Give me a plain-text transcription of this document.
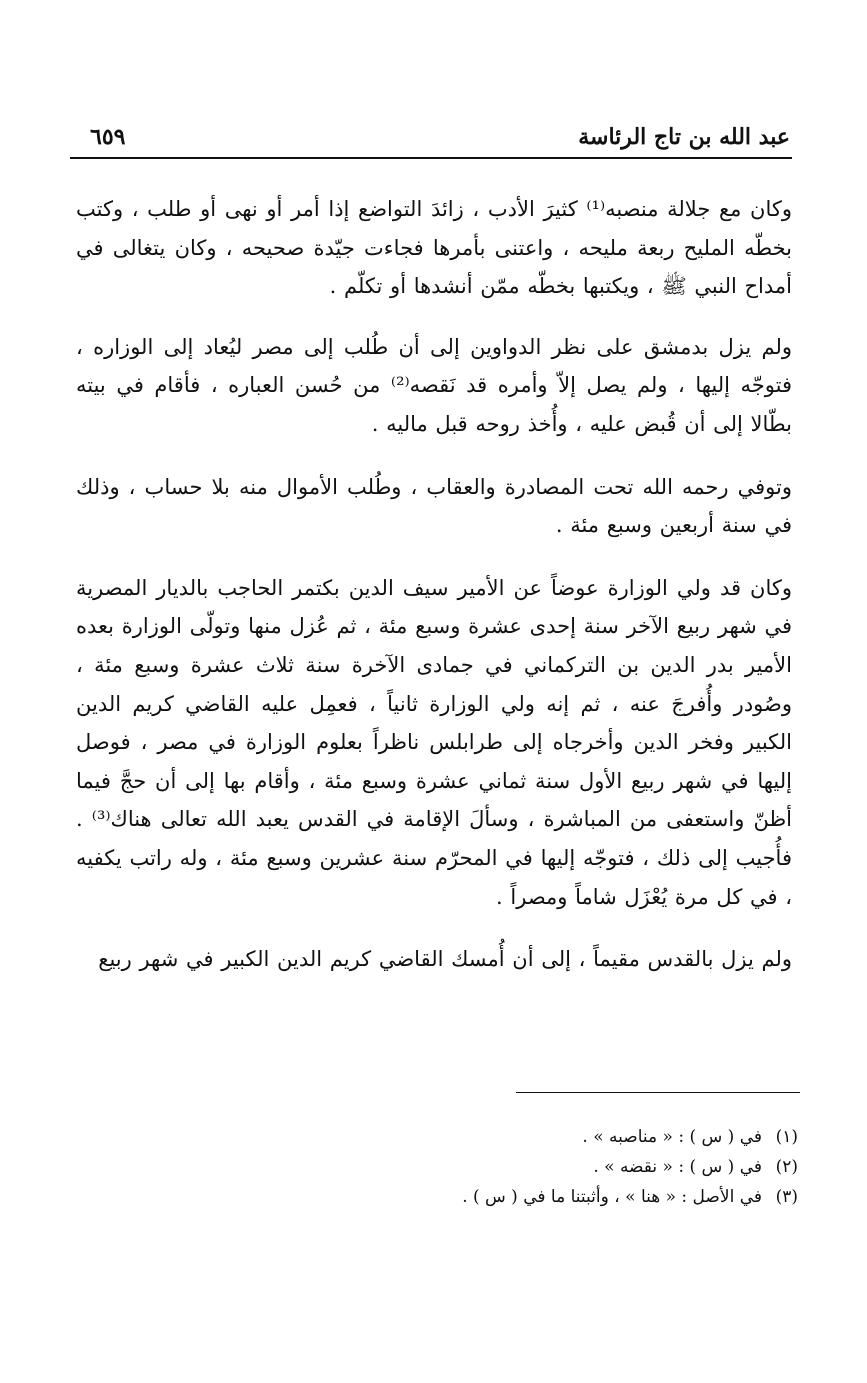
عبد الله بن تاج الرئاسة
٦٥٩

وكان مع جلالة منصبه⁽¹⁾ كثيرَ الأدب ، زائدَ التواضع إذا أمر أو نهى أو طلب ، وكتب بخطّه المليح ربعة مليحه ، واعتنى بأمرها فجاءت جيّدة صحيحه ، وكان يتغالى في أمداح النبي ﷺ ، ويكتبها بخطّه ممّن أنشدها أو تكلّم .

ولم يزل بدمشق على نظر الدواوين إلى أن طُلب إلى مصر ليُعاد إلى الوزاره ، فتوجّه إليها ، ولم يصل إلاّ وأمره قد نَقصه⁽²⁾ من حُسن العباره ، فأقام في بيته بطّالا إلى أن قُبض عليه ، وأُخذ روحه قبل ماليه .

وتوفي رحمه الله تحت المصادرة والعقاب ، وطُلب الأموال منه بلا حساب ، وذلك في سنة أربعين وسبع مئة .

وكان قد ولي الوزارة عوضاً عن الأمير سيف الدين بكتمر الحاجب بالديار المصرية في شهر ربيع الآخر سنة إحدى عشرة وسبع مئة ، ثم عُزل منها وتولّى الوزارة بعده الأمير بدر الدين بن التركماني في جمادى الآخرة سنة ثلاث عشرة وسبع مئة ، وصُودر وأُفرجَ عنه ، ثم إنه ولي الوزارة ثانياً ، فعمِل عليه القاضي كريم الدين الكبير وفخر الدين وأخرجاه إلى طرابلس ناظراً بعلوم الوزارة في مصر ، فوصل إليها في شهر ربيع الأول سنة ثماني عشرة وسبع مئة ، وأقام بها إلى أن حجَّ فيما أظنّ واستعفى من المباشرة ، وسألَ الإقامة في القدس يعبد الله تعالى هناك⁽³⁾ . فأُجيب إلى ذلك ، فتوجّه إليها في المحرّم سنة عشرين وسبع مئة ، وله راتب يكفيه ، في كل مرة يُعْزَل شاماً ومصراً .

ولم يزل بالقدس مقيماً ، إلى أن أُمسك القاضي كريم الدين الكبير في شهر ربيع

(١)
في ( س ) : « مناصبه » .
(٢)
في ( س ) : « نقضه » .
(٣)
في الأصل : « هنا » ، وأثبتنا ما في ( س ) .
